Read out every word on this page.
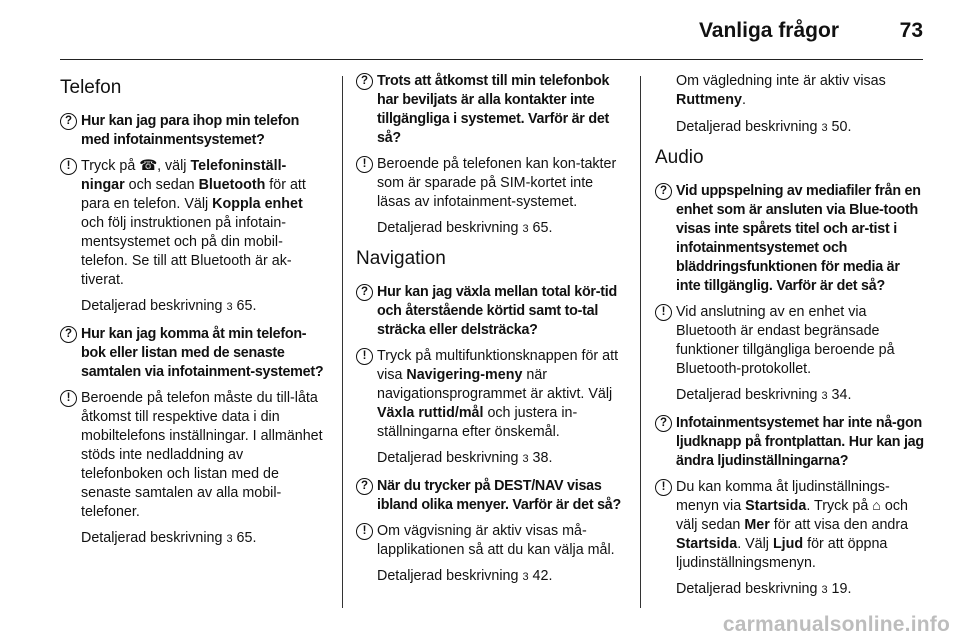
Vanliga frågor	73
Telefon
? Hur kan jag para ihop min telefon med infotainmentsystemet?
! Tryck på ☎, välj Telefoninställ-ningar och sedan Bluetooth för att para en telefon. Välj Koppla enhet och följ instruktionen på infotain-mentsystemet och på din mobil-telefon. Se till att Bluetooth är ak-tiverat.
Detaljerad beskrivning 3 65.
? Hur kan jag komma åt min telefon-bok eller listan med de senaste samtalen via infotainment-systemet?
! Beroende på telefon måste du till-låta åtkomst till respektive data i din mobiltelefons inställningar. I allmänhet stöds inte nedladdning av telefonboken och listan med de senaste samtalen av alla mobil-telefoner.
Detaljerad beskrivning 3 65.
? Trots att åtkomst till min telefonbok har beviljats är alla kontakter inte tillgängliga i systemet. Varför är det så?
! Beroende på telefonen kan kon-takter som är sparade på SIM-kortet inte läsas av infotainment-systemet.
Detaljerad beskrivning 3 65.
Navigation
? Hur kan jag växla mellan total kör-tid och återstående körtid samt to-tal sträcka eller delsträcka?
! Tryck på multifunktionsknappen för att visa Navigering-meny när navigationsprogrammet är aktivt. Välj Växla ruttid/mål och justera in-ställningarna efter önskemål.
Detaljerad beskrivning 3 38.
? När du trycker på DEST/NAV visas ibland olika menyer. Varför är det så?
! Om vägvisning är aktiv visas må-lapplikationen så att du kan välja mål.
Detaljerad beskrivning 3 42.
Om vägledning inte är aktiv visas Ruttmeny.
Detaljerad beskrivning 3 50.
Audio
? Vid uppspelning av mediafiler från en enhet som är ansluten via Blue-tooth visas inte spårets titel och ar-tist i infotainmentsystemet och bläddringsfunktionen för media är inte tillgänglig. Varför är det så?
! Vid anslutning av en enhet via Bluetooth är endast begränsade funktioner tillgängliga beroende på Bluetooth-protokollet.
Detaljerad beskrivning 3 34.
? Infotainmentsystemet har inte nå-gon ljudknapp på frontplattan. Hur kan jag ändra ljudinställningarna?
! Du kan komma åt ljudinställnings-menyn via Startsida. Tryck på ⌂ och välj sedan Mer för att visa den andra Startsida. Välj Ljud för att öppna ljudinställningsmenyn.
Detaljerad beskrivning 3 19.
carmanualsonline.info
